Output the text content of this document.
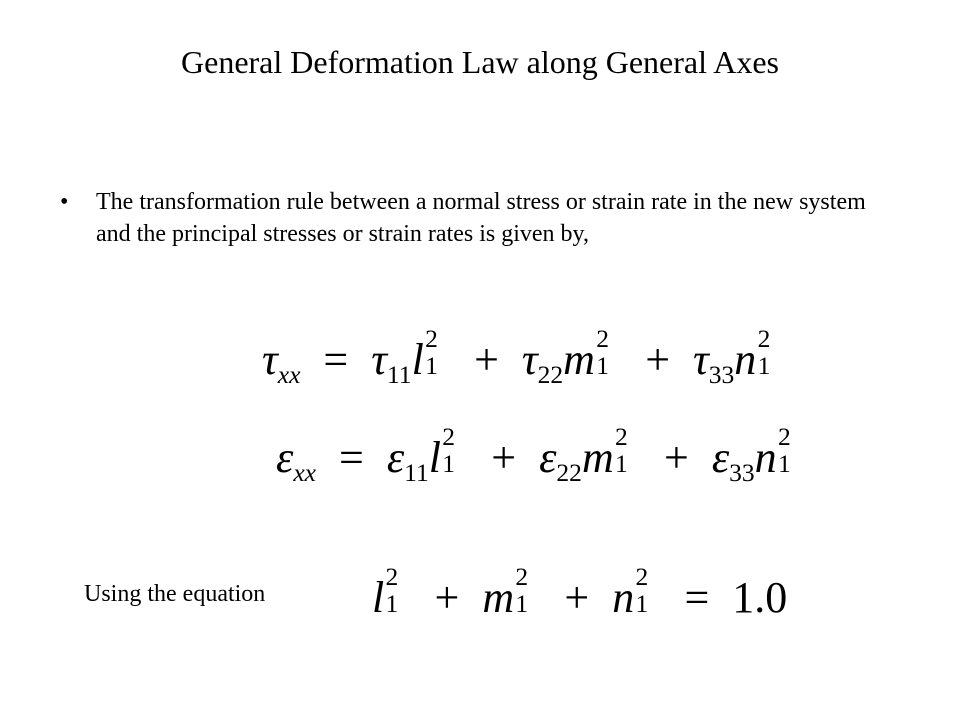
General Deformation Law along General Axes
• The transformation rule between a normal stress or strain rate in the new system and the principal stresses or strain rates is given by,
$\tau_{xx} = \tau_{11}l$ 2
$1 + \tau_{22}m$ 2
$1 + \tau_{33}n$ 2
1
$\varepsilon_{xx} = \varepsilon_{11}l$ 2
$1 + \varepsilon_{22}m$ 2
$1 + \varepsilon_{33}n$ 2
1
Using the equation l 2
1 + m 2
1 + n 2
1 = 1.0
